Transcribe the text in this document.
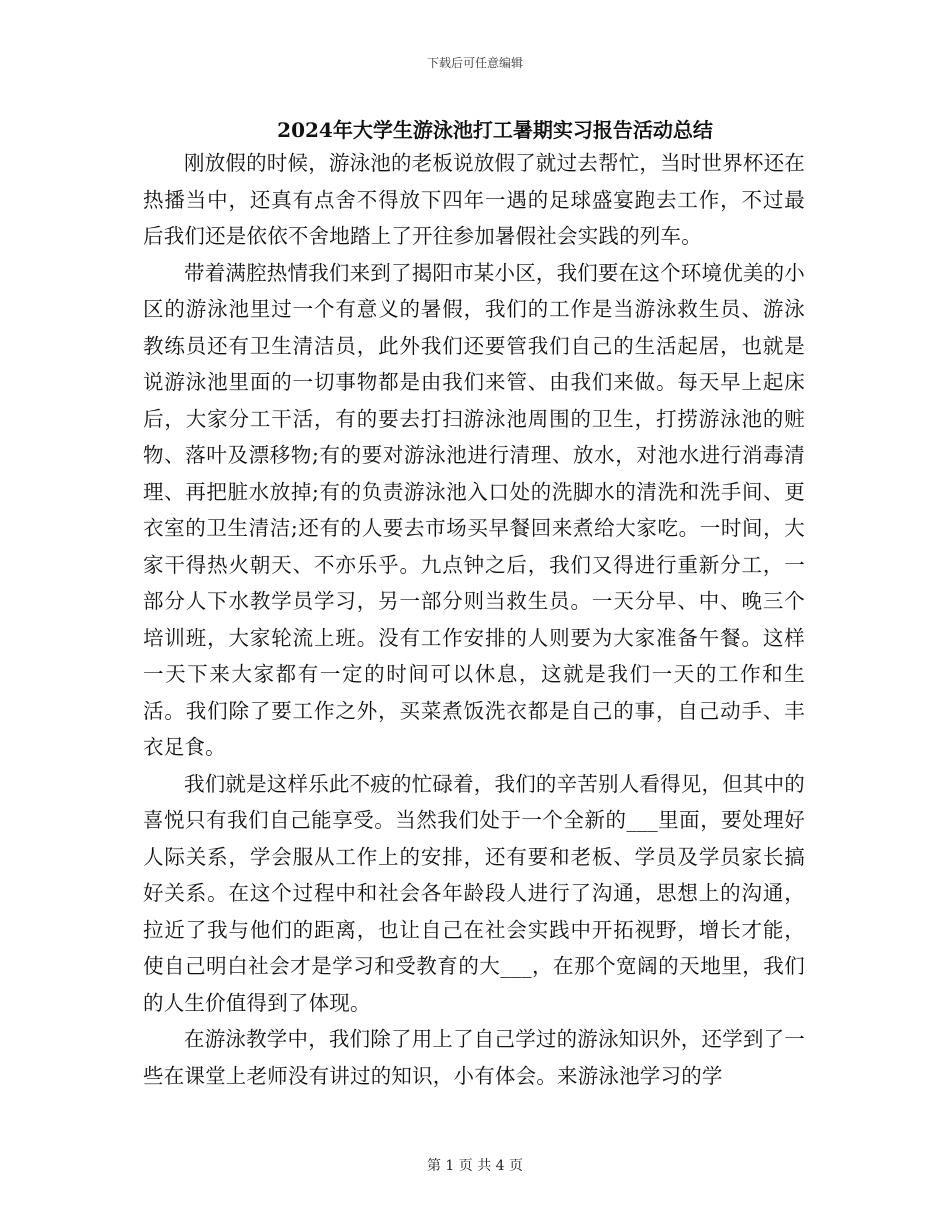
下载后可任意编辑
2024年大学生游泳池打工暑期实习报告活动总结

刚放假的时候，游泳池的老板说放假了就过去帮忙，当时世界杯还在热播当中，还真有点舍不得放下四年一遇的足球盛宴跑去工作，不过最后我们还是依依不舍地踏上了开往参加暑假社会实践的列车。

带着满腔热情我们来到了揭阳市某小区，我们要在这个环境优美的小区的游泳池里过一个有意义的暑假，我们的工作是当游泳救生员、游泳教练员还有卫生清洁员，此外我们还要管我们自己的生活起居，也就是说游泳池里面的一切事物都是由我们来管、由我们来做。每天早上起床后，大家分工干活，有的要去打扫游泳池周围的卫生，打捞游泳池的赃物、落叶及漂移物;有的要对游泳池进行清理、放水，对池水进行消毒清理、再把脏水放掉;有的负责游泳池入口处的洗脚水的清洗和洗手间、更衣室的卫生清洁;还有的人要去市场买早餐回来煮给大家吃。一时间，大家干得热火朝天、不亦乐乎。九点钟之后，我们又得进行重新分工，一部分人下水教学员学习，另一部分则当救生员。一天分早、中、晚三个培训班，大家轮流上班。没有工作安排的人则要为大家准备午餐。这样一天下来大家都有一定的时间可以休息，这就是我们一天的工作和生活。我们除了要工作之外，买菜煮饭洗衣都是自己的事，自己动手、丰衣足食。

我们就是这样乐此不疲的忙碌着，我们的辛苦别人看得见，但其中的喜悦只有我们自己能享受。当然我们处于一个全新的___里面，要处理好人际关系，学会服从工作上的安排，还有要和老板、学员及学员家长搞好关系。在这个过程中和社会各年龄段人进行了沟通，思想上的沟通，拉近了我与他们的距离，也让自己在社会实践中开拓视野，增长才能，使自己明白社会才是学习和受教育的大___，在那个宽阔的天地里，我们的人生价值得到了体现。

在游泳教学中，我们除了用上了自己学过的游泳知识外，还学到了一些在课堂上老师没有讲过的知识，小有体会。来游泳池学习的学

第 1 页 共 4 页
